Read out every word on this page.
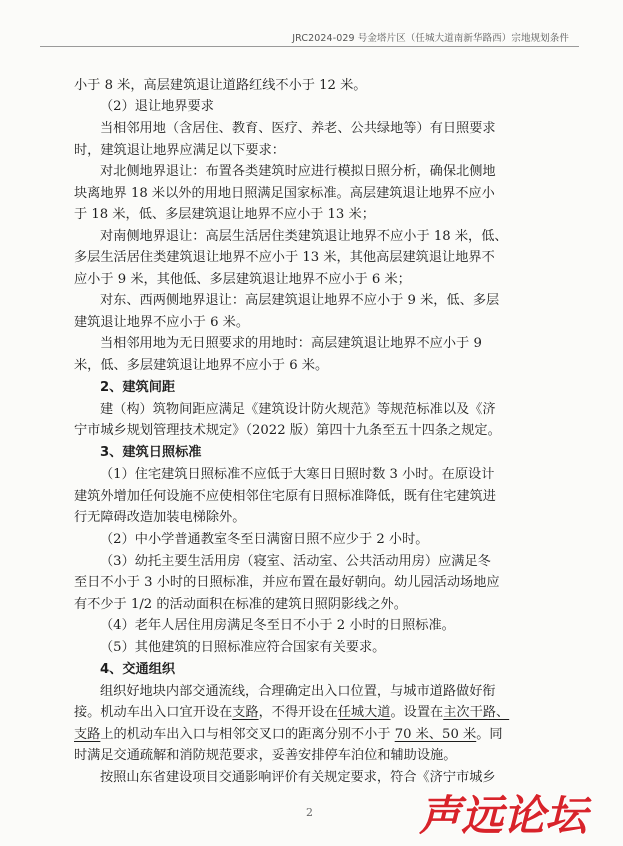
JRC2024-029 号金塔片区（任城大道南新华路西）宗地规划条件
小于 8 米，高层建筑退让道路红线不小于 12 米。
（2）退让地界要求
当相邻用地（含居住、教育、医疗、养老、公共绿地等）有日照要求
时，建筑退让地界应满足以下要求：
对北侧地界退让：布置各类建筑时应进行模拟日照分析，确保北侧地
块离地界 18 米以外的用地日照满足国家标准。高层建筑退让地界不应小
于 18 米，低、多层建筑退让地界不应小于 13 米；
对南侧地界退让：高层生活居住类建筑退让地界不应小于 18 米，低、
多层生活居住类建筑退让地界不应小于 13 米，其他高层建筑退让地界不
应小于 9 米，其他低、多层建筑退让地界不应小于 6 米；
对东、西两侧地界退让：高层建筑退让地界不应小于 9 米，低、多层
建筑退让地界不应小于 6 米。
当相邻用地为无日照要求的用地时：高层建筑退让地界不应小于 9
米，低、多层建筑退让地界不应小于 6 米。
2、建筑间距
建（构）筑物间距应满足《建筑设计防火规范》等规范标准以及《济
宁市城乡规划管理技术规定》（2022 版）第四十九条至五十四条之规定。
3、建筑日照标准
（1）住宅建筑日照标准不应低于大寒日日照时数 3 小时。在原设计
建筑外增加任何设施不应使相邻住宅原有日照标准降低，既有住宅建筑进
行无障碍改造加装电梯除外。
（2）中小学普通教室冬至日满窗日照不应少于 2 小时。
（3）幼托主要生活用房（寝室、活动室、公共活动用房）应满足冬
至日不小于 3 小时的日照标准，并应布置在最好朝向。幼儿园活动场地应
有不少于 1/2 的活动面积在标准的建筑日照阴影线之外。
（4）老年人居住用房满足冬至日不小于 2 小时的日照标准。
（5）其他建筑的日照标准应符合国家有关要求。
4、交通组织
组织好地块内部交通流线，合理确定出入口位置，与城市道路做好衔
接。机动车出入口宜开设在支路，不得开设在任城大道。设置在主次干路、
支路上的机动车出入口与相邻交叉口的距离分别不小于 70 米、50 米。同
时满足交通疏解和消防规范要求，妥善安排停车泊位和辅助设施。
按照山东省建设项目交通影响评价有关规定要求，符合《济宁市城乡
2	声远论坛
